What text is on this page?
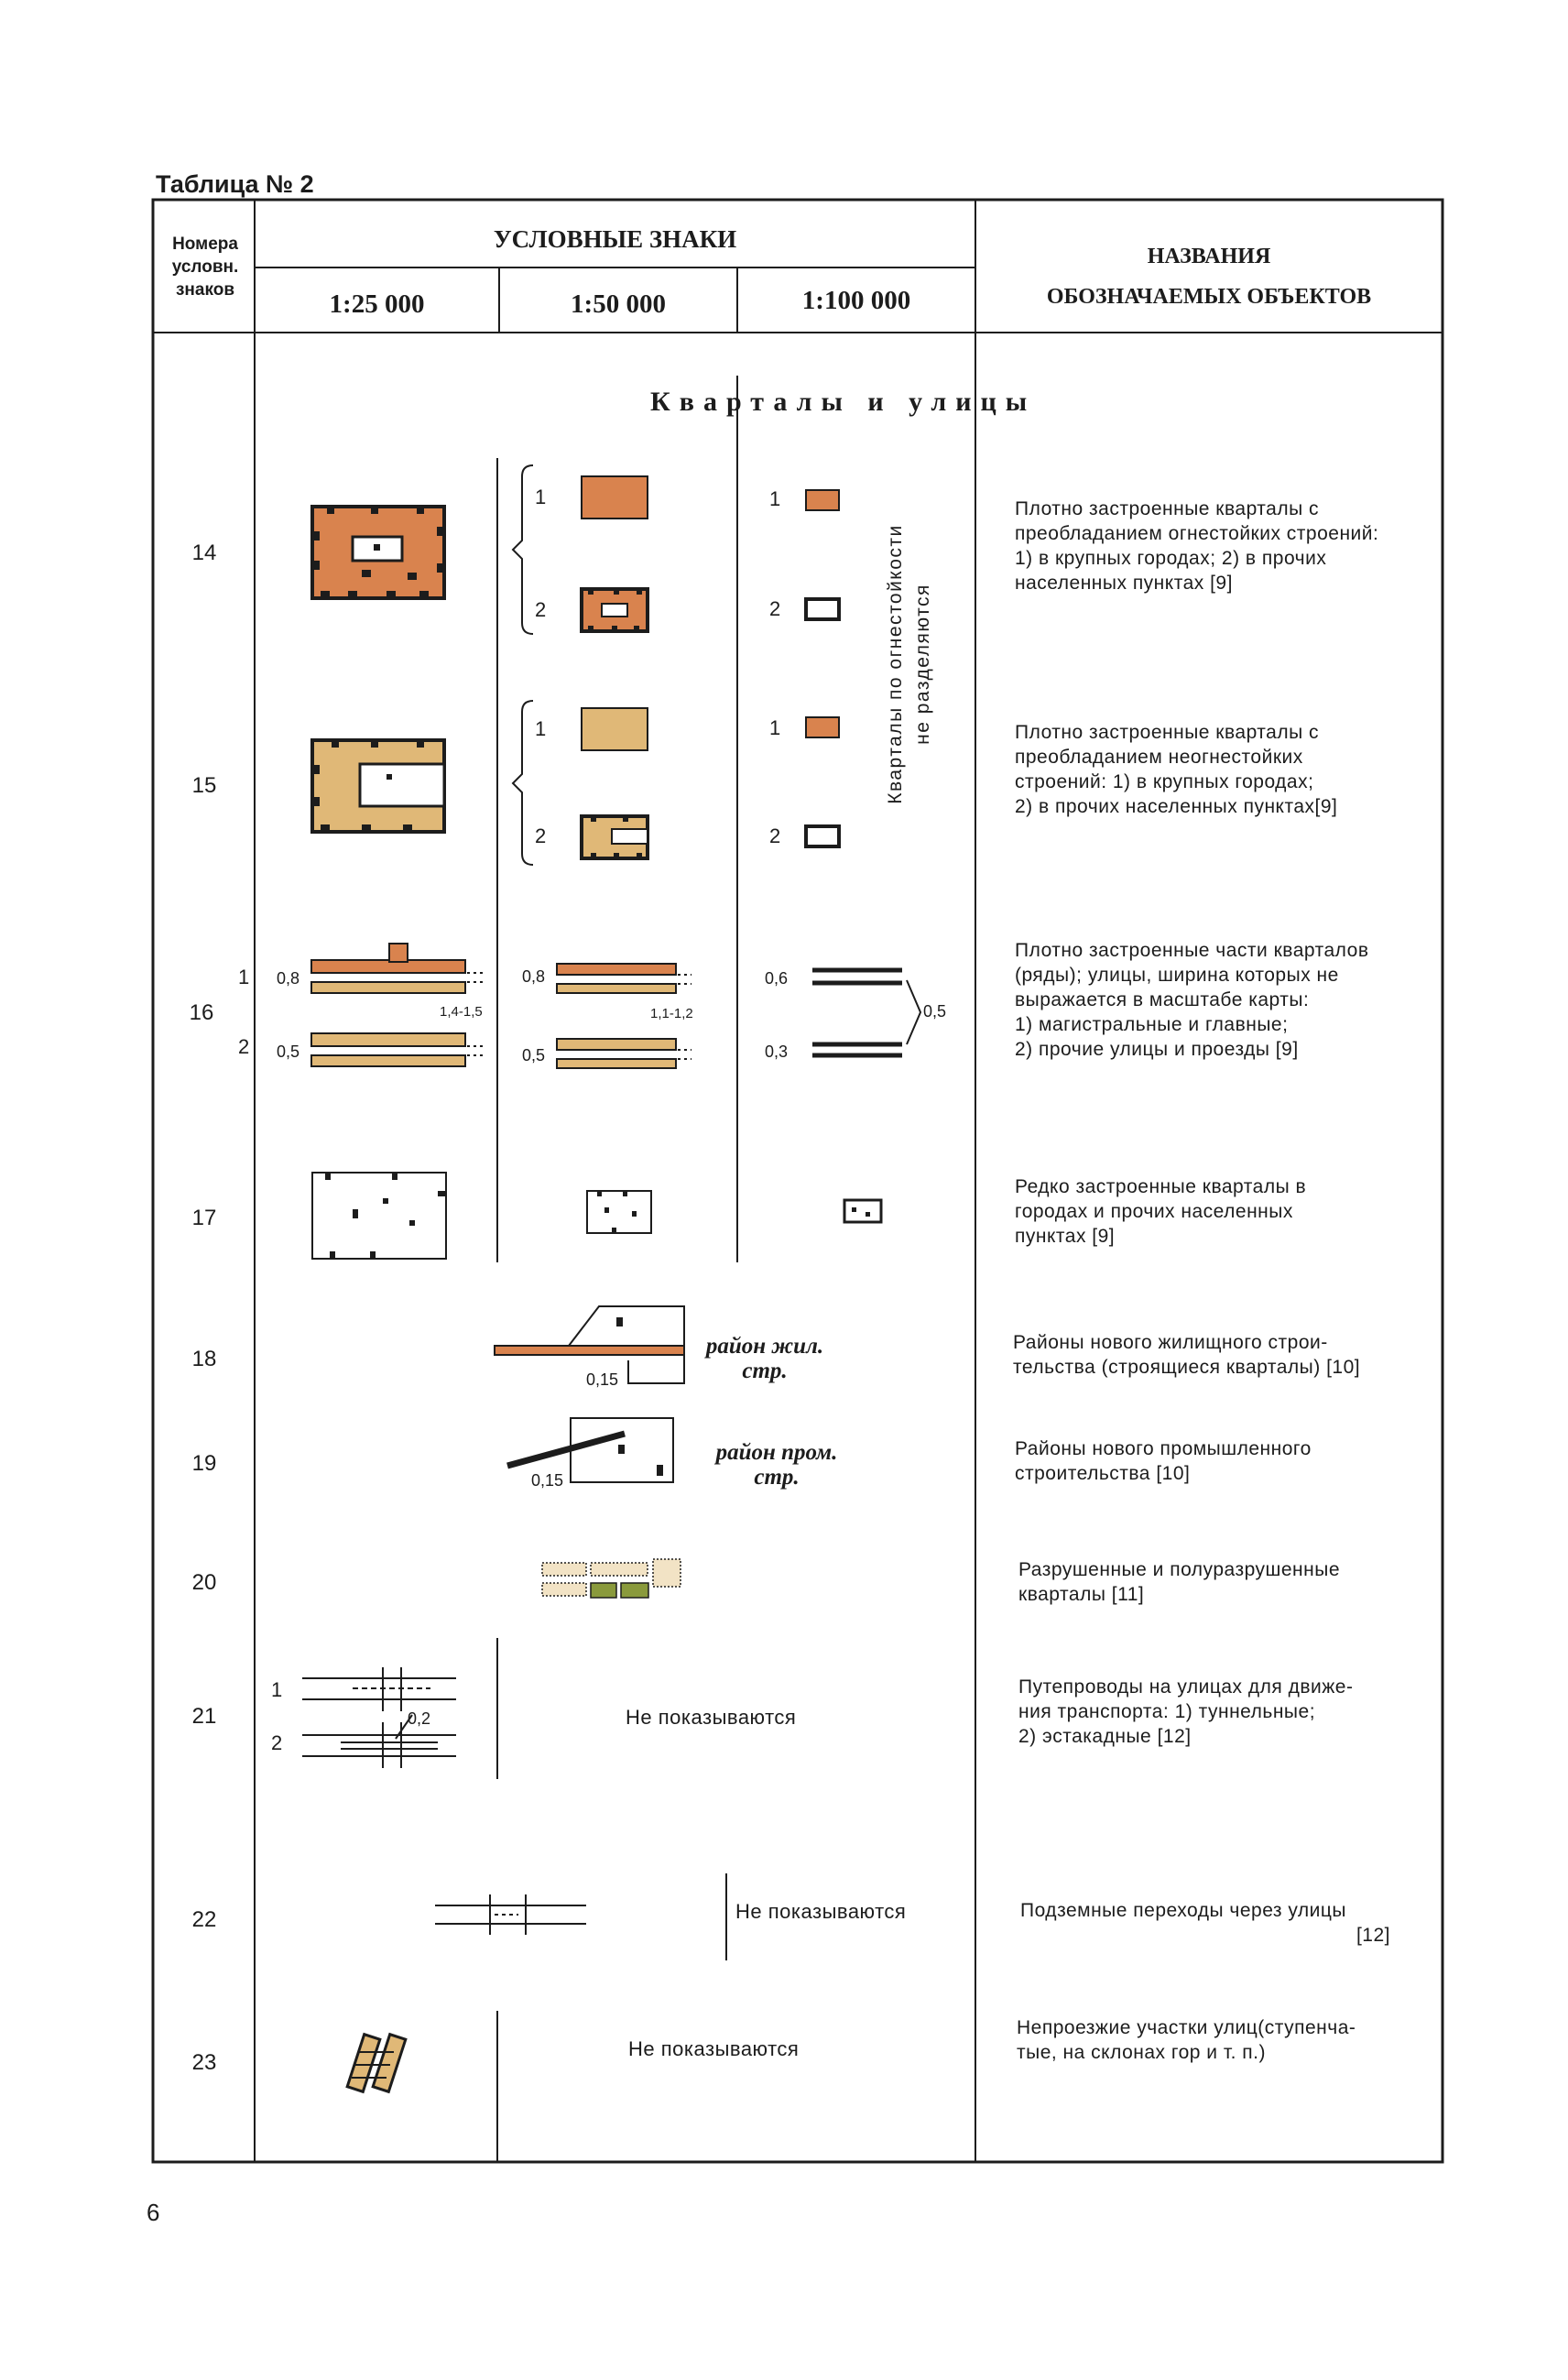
Таблица № 2
Номера
условн.
знаков
УСЛОВНЫЕ ЗНАКИ
1:25 000	1:50 000	1:100 000
НАЗВАНИЯ
ОБОЗНАЧАЕМЫХ ОБЪЕКТОВ
Кварталы и улицы
Кварталы по огнестойкости не разделяются
14
15
16
17
18
19
20
21
22
23
Плотно застроенные кварталы с
преобладанием огнестойких строений:
1) в крупных городах; 2) в прочих
населенных пунктах [9]
Плотно застроенные кварталы с
преобладанием неогнестойких
строений: 1) в крупных городах;
2) в прочих населенных пунктах[9]
Плотно застроенные части кварталов
(ряды); улицы, ширина которых не
выражается в масштабе карты:
1) магистральные и главные;
2) прочие улицы и проезды [9]
Редко застроенные кварталы в
городах и прочих населенных
пунктах [9]
Районы нового жилищного строи-
тельства (строящиеся кварталы) [10]
Районы нового промышленного
строительства [10]
Разрушенные и полуразрушенные
кварталы [11]
Путепроводы на улицах для движе-
ния транспорта: 1) туннельные;
2) эстакадные [12]
Подземные переходы через улицы
[12]
Непроезжие участки улиц(ступенча-
тые, на склонах гор и т. п.)
1
2
1
2
1
2
1
2
1
2
1
2
0,8
0,5
1,4-1,5
0,8
0,5
1,1-1,2
0,6
0,3
0,5
0,15
0,15
0,2
район жил.
стр.
район пром.
стр.
Не показываются
Не показываются
Не показываются
6
